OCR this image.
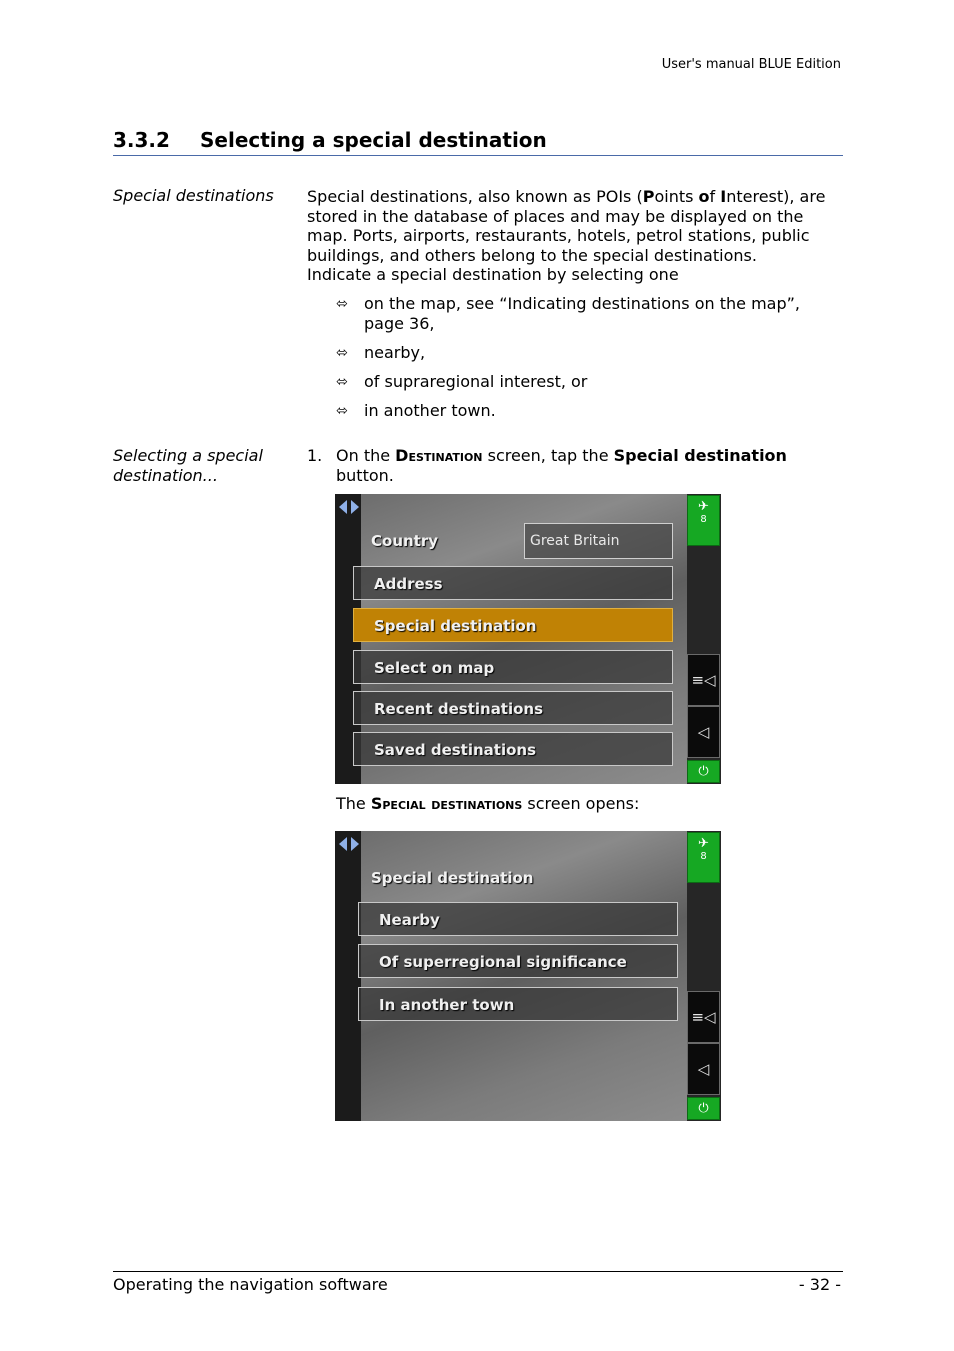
User's manual BLUE Edition
3.3.2 Selecting a special destination
Special destinations	Special destinations, also known as POIs (Points of Interest), are stored in the database of places and may be displayed on the map. Ports, airports, restaurants, hotels, petrol stations, public buildings, and others belong to the special destinations.
Indicate a special destination by selecting one
⬄ on the map, see “Indicating destinations on the map”, page 36,
⬄ nearby,
⬄ of supraregional interest, or
⬄ in another town.
Selecting a special destination...
1. On the Destination screen, tap the Special destination button.
✈
8
Country	Great Britain
Address
Special destination
Select on map
Recent destinations
Saved destinations
≡◁
◁
⏻
The Special destinations screen opens:
✈
8
Special destination
Nearby
Of superregional significance
In another town
≡◁
◁
⏻
Operating the navigation software	- 32 -
